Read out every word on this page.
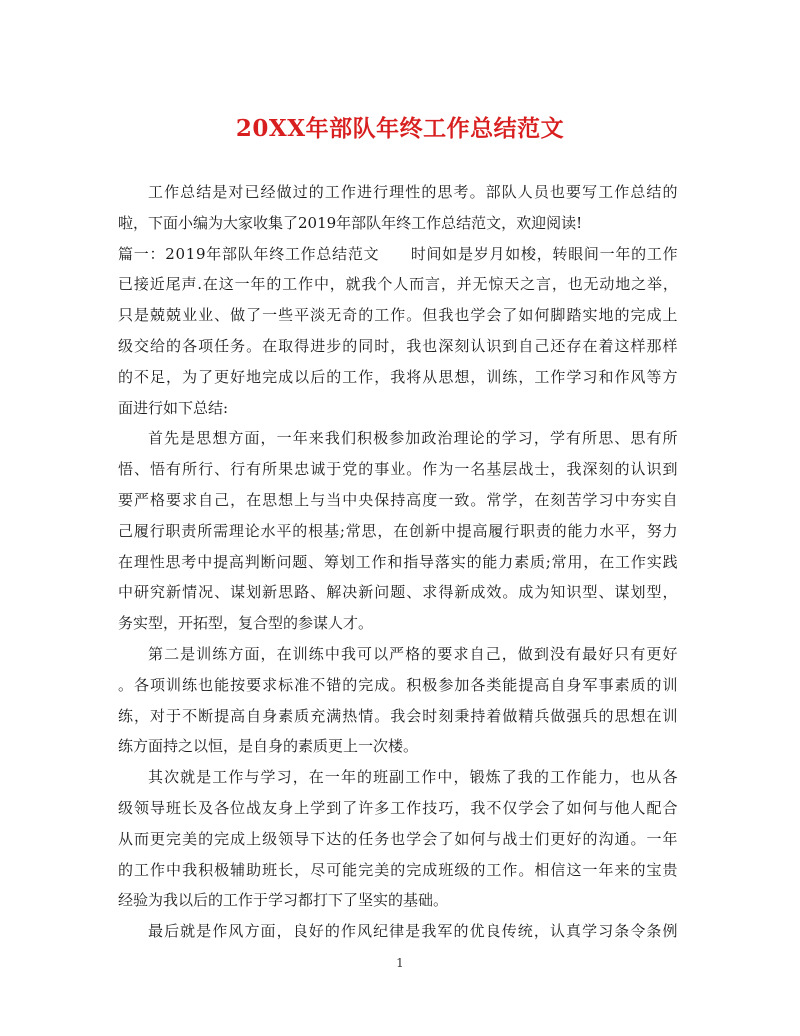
20XX年部队年终工作总结范文
工 作 总 结 是 对 已 经 做 过 的 工 作 进 行 理 性 的 思 考 。 部 队 人 员 也 要 写 工 作 总 结 的
啦，下面小编为大家收集了2019年部队年终工作总结范文，欢迎阅读!
篇 一 ： 2 0 1 9 年 部 队 年 终 工 作 总 结 范 文

　 时 间 如 是 岁 月 如 梭 ， 转 眼 间 一 年 的 工 作
已 接 近 尾 声 . 在 这 一 年 的 工 作 中 ， 就 我 个 人 而 言 ， 并 无 惊 天 之 言 ， 也 无 动 地 之 举 ，
只 是 兢 兢 业 业 、 做 了 一 些 平 淡 无 奇 的 工 作 。 但 我 也 学 会 了 如 何 脚 踏 实 地 的 完 成 上
级 交 给 的 各 项 任 务 。 在 取 得 进 步 的 同 时 ， 我 也 深 刻 认 识 到 自 己 还 存 在 着 这 样 那 样
的 不 足 ， 为 了 更 好 地 完 成 以 后 的 工 作 ， 我 将 从 思 想 ， 训 练 ， 工 作 学 习 和 作 风 等 方
面进行如下总结:
首 先 是 思 想 方 面 ， 一 年 来 我 们 积 极 参 加 政 治 理 论 的 学 习 ， 学 有 所 思 、 思 有 所
悟 、 悟 有 所 行 、 行 有 所 果 忠 诚 于 党 的 事 业 。 作 为 一 名 基 层 战 士 ， 我 深 刻 的 认 识 到
要 严 格 要 求 自 己 ， 在 思 想 上 与 当 中 央 保 持 高 度 一 致 。 常 学 ， 在 刻 苦 学 习 中 夯 实 自
己 履 行 职 责 所 需 理 论 水 平 的 根 基 ; 常 思 ， 在 创 新 中 提 高 履 行 职 责 的 能 力 水 平 ， 努 力
在 理 性 思 考 中 提 高 判 断 问 题 、 筹 划 工 作 和 指 导 落 实 的 能 力 素 质 ; 常 用 ， 在 工 作 实 践
中 研 究 新 情 况 、 谋 划 新 思 路 、 解 决 新 问 题 、 求 得 新 成 效 。 成 为 知 识 型 、 谋 划 型 ，
务实型，开拓型，复合型的参谋人才。
第 二 是 训 练 方 面 ， 在 训 练 中 我 可 以 严 格 的 要 求 自 己 ， 做 到 没 有 最 好 只 有 更 好
。 各 项 训 练 也 能 按 要 求 标 准 不 错 的 完 成 。 积 极 参 加 各 类 能 提 高 自 身 军 事 素 质 的 训
练 ， 对 于 不 断 提 高 自 身 素 质 充 满 热 情 。 我 会 时 刻 秉 持 着 做 精 兵 做 强 兵 的 思 想 在 训
练方面持之以恒，是自身的素质更上一次楼。
其 次 就 是 工 作 与 学 习 ， 在 一 年 的 班 副 工 作 中 ， 锻 炼 了 我 的 工 作 能 力 ， 也 从 各
级 领 导 班 长 及 各 位 战 友 身 上 学 到 了 许 多 工 作 技 巧 ， 我 不 仅 学 会 了 如 何 与 他 人 配 合
从 而 更 完 美 的 完 成 上 级 领 导 下 达 的 任 务 也 学 会 了 如 何 与 战 士 们 更 好 的 沟 通 。 一 年
的 工 作 中 我 积 极 辅 助 班 长 ， 尽 可 能 完 美 的 完 成 班 级 的 工 作 。 相 信 这 一 年 来 的 宝 贵
经验为我以后的工作于学习都打下了坚实的基础。
最 后 就 是 作 风 方 面 ， 良 好 的 作 风 纪 律 是 我 军 的 优 良 传 统 ， 认 真 学 习 条 令 条 例
1
